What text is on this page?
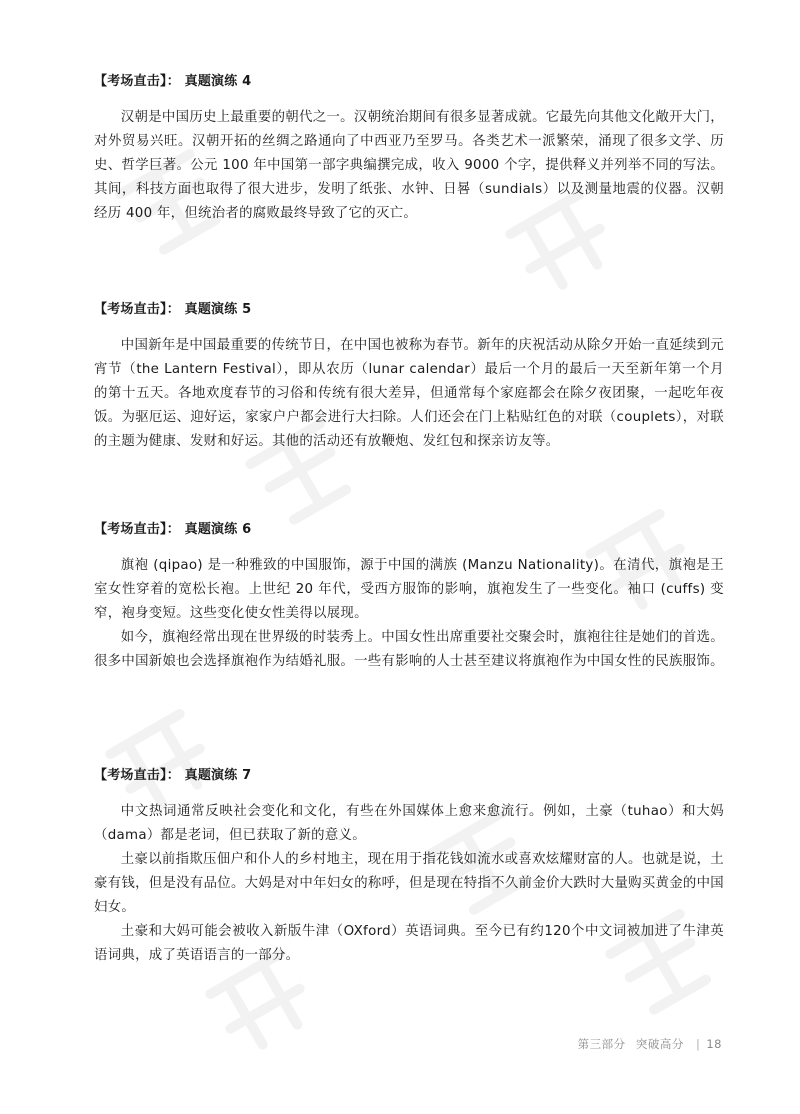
【考场直击】： 真题演练 4

汉朝是中国历史上最重要的朝代之一。汉朝统治期间有很多显著成就。它最先向其他文化敞开大门，对外贸易兴旺。汉朝开拓的丝绸之路通向了中西亚乃至罗马。各类艺术一派繁荣，涌现了很多文学、历史、哲学巨著。公元 100 年中国第一部字典编撰完成，收入 9000 个字，提供释义并列举不同的写法。其间，科技方面也取得了很大进步，发明了纸张、水钟、日晷（sundials）以及测量地震的仪器。汉朝经历 400 年，但统治者的腐败最终导致了它的灭亡。

【考场直击】： 真题演练 5

中国新年是中国最重要的传统节日，在中国也被称为春节。新年的庆祝活动从除夕开始一直延续到元宵节（the Lantern Festival），即从农历（lunar calendar）最后一个月的最后一天至新年第一个月的第十五天。各地欢度春节的习俗和传统有很大差异，但通常每个家庭都会在除夕夜团聚，一起吃年夜饭。为驱厄运、迎好运，家家户户都会进行大扫除。人们还会在门上粘贴红色的对联（couplets），对联的主题为健康、发财和好运。其他的活动还有放鞭炮、发红包和探亲访友等。

【考场直击】： 真题演练 6

旗袍 (qipao) 是一种雅致的中国服饰，源于中国的满族 (Manzu Nationality)。在清代，旗袍是王室女性穿着的宽松长袍。上世纪 20 年代，受西方服饰的影响，旗袍发生了一些变化。袖口 (cuffs) 变窄，袍身变短。这些变化使女性美得以展现。

如今，旗袍经常出现在世界级的时装秀上。中国女性出席重要社交聚会时，旗袍往往是她们的首选。很多中国新娘也会选择旗袍作为结婚礼服。一些有影响的人士甚至建议将旗袍作为中国女性的民族服饰。

【考场直击】： 真题演练 7

中文热词通常反映社会变化和文化，有些在外国媒体上愈来愈流行。例如，土豪（tuhao）和大妈（dama）都是老词，但已获取了新的意义。

土豪以前指欺压佃户和仆人的乡村地主，现在用于指花钱如流水或喜欢炫耀财富的人。也就是说，土豪有钱，但是没有品位。大妈是对中年妇女的称呼，但是现在特指不久前金价大跌时大量购买黄金的中国妇女。

土豪和大妈可能会被收入新版牛津（OXford）英语词典。至今已有约120个中文词被加进了牛津英语词典，成了英语语言的一部分。

第三部分 突破高分 | 18
